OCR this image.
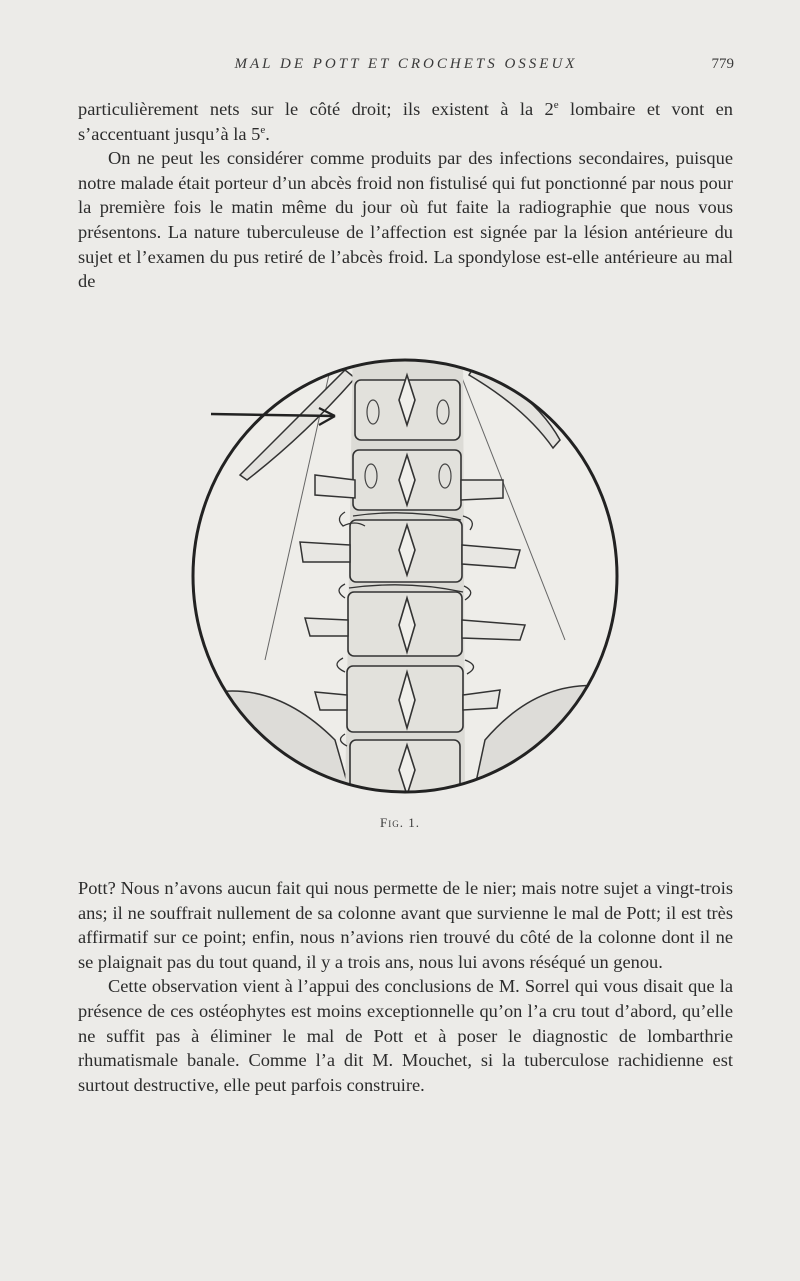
MAL DE POTT ET CROCHETS OSSEUX	779

particulièrement nets sur le côté droit; ils existent à la 2e lombaire et vont en s’accentuant jusqu’à la 5e.

On ne peut les considérer comme produits par des infections secondaires, puisque notre malade était porteur d’un abcès froid non fistulisé qui fut ponctionné par nous pour la première fois le matin même du jour où fut faite la radiographie que nous vous présentons. La nature tuberculeuse de l’affection est signée par la lésion antérieure du sujet et l’examen du pus retiré de l’abcès froid. La spondylose est-elle antérieure au mal de

Fig. 1.

Pott? Nous n’avons aucun fait qui nous permette de le nier; mais notre sujet a vingt-trois ans; il ne souffrait nullement de sa colonne avant que survienne le mal de Pott; il est très affirmatif sur ce point; enfin, nous n’avions rien trouvé du côté de la colonne dont il ne se plaignait pas du tout quand, il y a trois ans, nous lui avons réséqué un genou.

Cette observation vient à l’appui des conclusions de M. Sorrel qui vous disait que la présence de ces ostéophytes est moins exceptionnelle qu’on l’a cru tout d’abord, qu’elle ne suffit pas à éliminer le mal de Pott et à poser le diagnostic de lombarthrie rhumatismale banale. Comme l’a dit M. Mouchet, si la tuberculose rachidienne est surtout destructive, elle peut parfois construire.
